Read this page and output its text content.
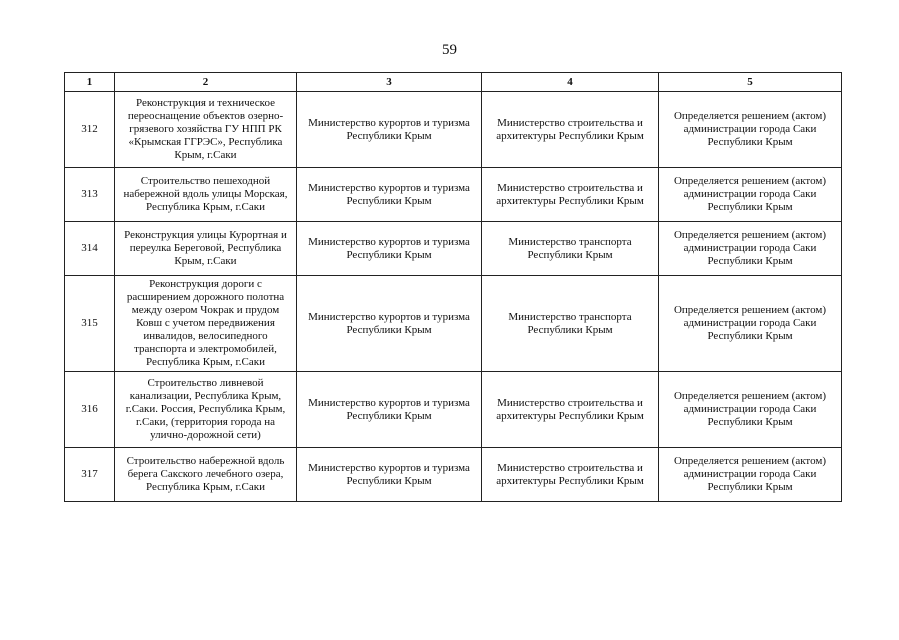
59
1	2	3	4	5
312	Реконструкция и техническое переоснащение объектов озерно-грязевого хозяйства ГУ НПП РК «Крымская ГГРЭС», Республика Крым, г.Саки	Министерство курортов и туризма Республики Крым	Министерство строительства и архитектуры Республики Крым	Определяется решением (актом) администрации города Саки Республики Крым
313	Строительство пешеходной набережной вдоль улицы Морская, Республика Крым, г.Саки	Министерство курортов и туризма Республики Крым	Министерство строительства и архитектуры Республики Крым	Определяется решением (актом) администрации города Саки Республики Крым
314	Реконструкция улицы Курортная и переулка Береговой, Республика Крым, г.Саки	Министерство курортов и туризма Республики Крым	Министерство транспорта Республики Крым	Определяется решением (актом) администрации города Саки Республики Крым
315	Реконструкция дороги с расширением дорожного полотна между озером Чокрак и прудом Ковш с учетом передвижения инвалидов, велосипедного транспорта и электромобилей, Республика Крым, г.Саки	Министерство курортов и туризма Республики Крым	Министерство транспорта Республики Крым	Определяется решением (актом) администрации города Саки Республики Крым
316	Строительство ливневой канализации, Республика Крым, г.Саки. Россия, Республика Крым, г.Саки, (территория города на улично-дорожной сети)	Министерство курортов и туризма Республики Крым	Министерство строительства и архитектуры Республики Крым	Определяется решением (актом) администрации города Саки Республики Крым
317	Строительство набережной вдоль берега Сакского лечебного озера, Республика Крым, г.Саки	Министерство курортов и туризма Республики Крым	Министерство строительства и архитектуры Республики Крым	Определяется решением (актом) администрации города Саки Республики Крым
